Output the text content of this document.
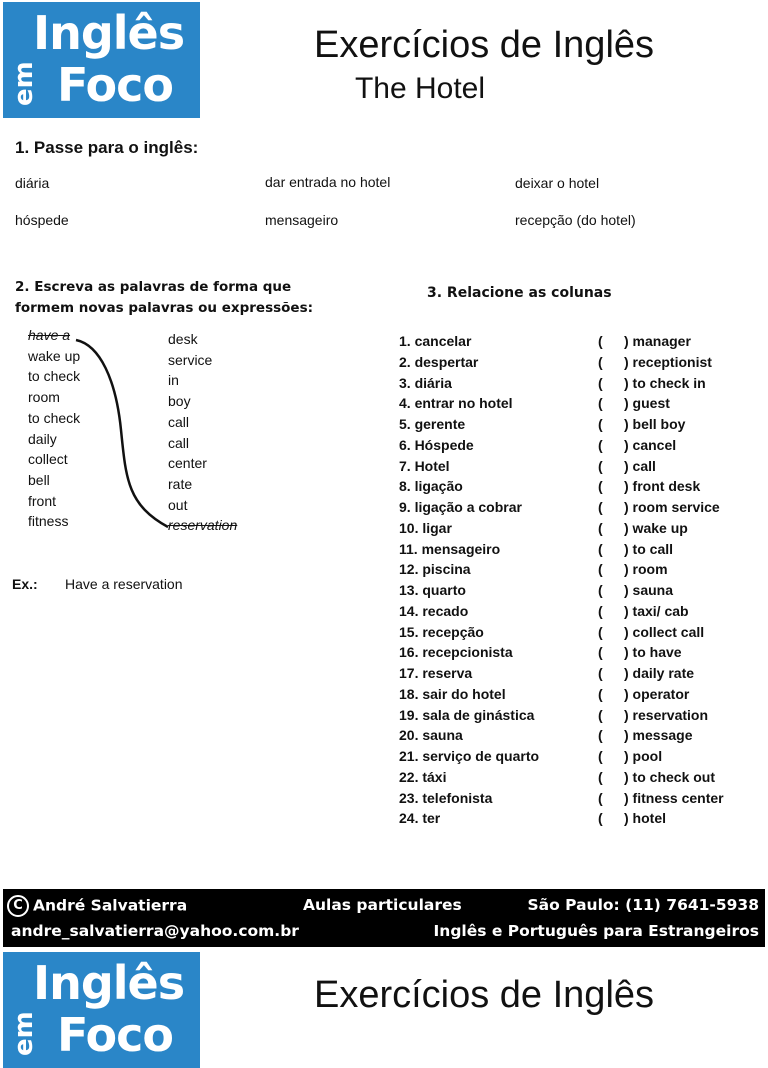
Inglês
em Foco
Exercícios de Inglês
The Hotel
1. Passe para o inglês:
diária	dar entrada no hotel	deixar o hotel
hóspede	mensageiro	recepção (do hotel)
2. Escreva as palavras de forma que
formem novas palavras ou expressões:
have a
wake up
to check
room
to check
daily
collect
bell
front
fitness
desk
service
in
boy
call
call
center
rate
out
reservation
Ex.: Have a reservation
3. Relacione as colunas
1. cancelar	( ) manager
2. despertar	( ) receptionist
3. diária	( ) to check in
4. entrar no hotel	( ) guest
5. gerente	( ) bell boy
6. Hóspede	( ) cancel
7. Hotel	( ) call
8. ligação	( ) front desk
9. ligação a cobrar	( ) room service
10. ligar	( ) wake up
11. mensageiro	( ) to call
12. piscina	( ) room
13. quarto	( ) sauna
14. recado	( ) taxi/ cab
15. recepção	( ) collect call
16. recepcionista	( ) to have
17. reserva	( ) daily rate
18. sair do hotel	( ) operator
19. sala de ginástica	( ) reservation
20. sauna	( ) message
21. serviço de quarto	( ) pool
22. táxi	( ) to check out
23. telefonista	( ) fitness center
24. ter	( ) hotel
C André Salvatierra	Aulas particulares	São Paulo: (11) 7641-5938
andre_salvatierra@yahoo.com.br	Inglês e Português para Estrangeiros
Inglês
em Foco
Exercícios de Inglês
